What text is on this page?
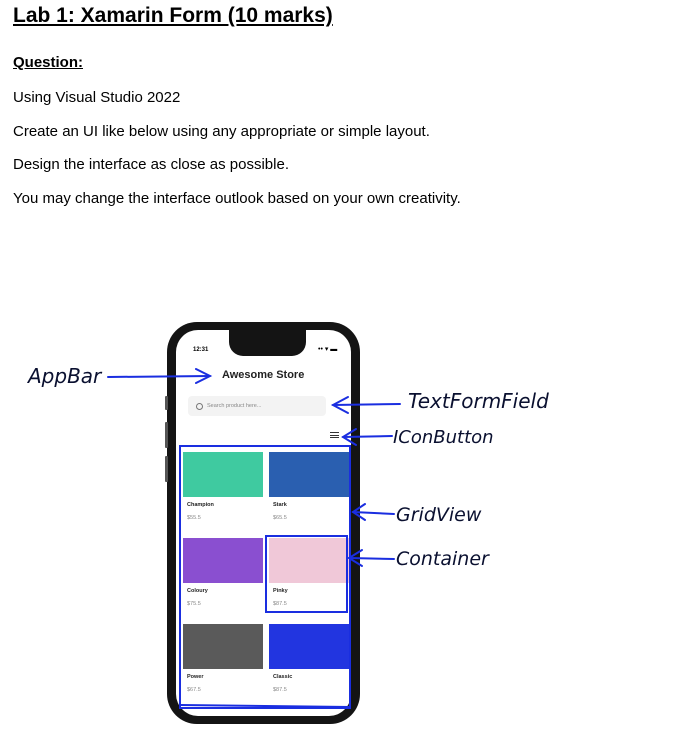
Lab 1: Xamarin Form (10 marks)
Question:
Using Visual Studio 2022
Create an UI like below using any appropriate or simple layout.
Design the interface as close as possible.
You may change the interface outlook based on your own creativity.
12:31	•• ▾ ▬
Awesome Store
Search product here...
Champion
$55.5
Stark
$65.5
Coloury
$75.5
Pinky
$87.5
Power
$67.5
Classic
$87.5
AppBar
TextFormField
IConButton
GridView
Container
